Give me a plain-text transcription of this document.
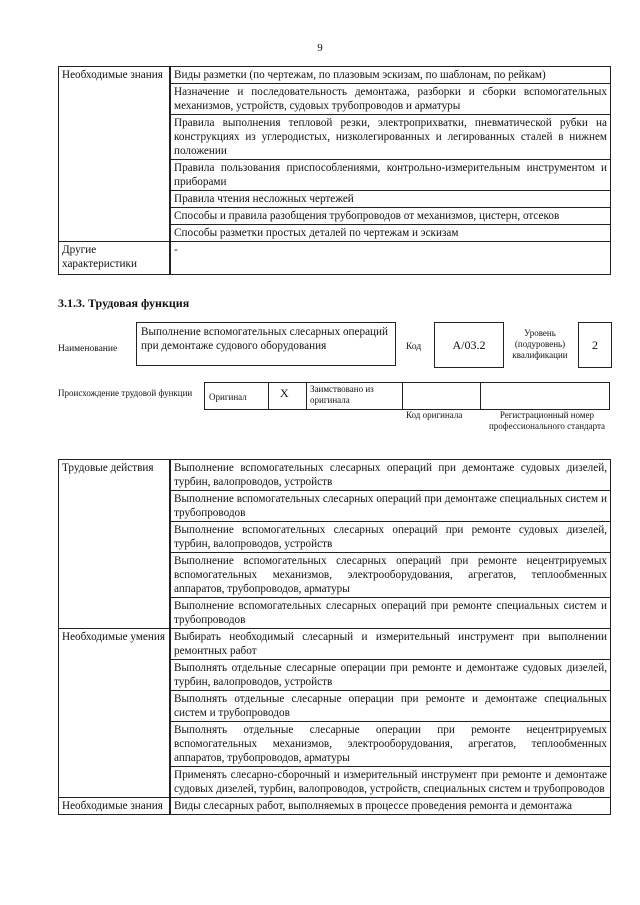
9
Необходимые знания	Виды разметки (по чертежам, по плазовым эскизам, по шаблонам, по рейкам)
	Назначение и последовательность демонтажа, разборки и сборки вспомогательных механизмов, устройств, судовых трубопроводов и арматуры
	Правила выполнения тепловой резки, электроприхватки, пневматической рубки на конструкциях из углеродистых, низколегированных и легированных сталей в нижнем положении
	Правила пользования приспособлениями, контрольно-измерительным инструментом и приборами
	Правила чтения несложных чертежей
	Способы и правила разобщения трубопроводов от механизмов, цистерн, отсеков
	Способы разметки простых деталей по чертежам и эскизам
Другие характеристики	-
3.1.3. Трудовая функция
Наименование
Выполнение вспомогательных слесарных операций при демонтаже судового оборудования	Код	A/03.2
Уровень (подуровень) квалификации
2
Происхождение трудовой функции	Оригинал	X Заимствовано из оригинала
Код оригинала	Регистрационный номер профессионального стандарта
Трудовые действия	Выполнение вспомогательных слесарных операций при демонтаже судовых дизелей, турбин, валопроводов, устройств
	Выполнение вспомогательных слесарных операций при демонтаже специальных систем и трубопроводов
	Выполнение вспомогательных слесарных операций при ремонте судовых дизелей, турбин, валопроводов, устройств
	Выполнение вспомогательных слесарных операций при ремонте нецентрируемых вспомогательных механизмов, электрооборудования, агрегатов, теплообменных аппаратов, трубопроводов, арматуры
	Выполнение вспомогательных слесарных операций при ремонте специальных систем и трубопроводов
Необходимые умения	Выбирать необходимый слесарный и измерительный инструмент при выполнении ремонтных работ
	Выполнять отдельные слесарные операции при ремонте и демонтаже судовых дизелей, турбин, валопроводов, устройств
	Выполнять отдельные слесарные операции при ремонте и демонтаже специальных систем и трубопроводов
	Выполнять отдельные слесарные операции при ремонте нецентрируемых вспомогательных механизмов, электрооборудования, агрегатов, теплообменных аппаратов, трубопроводов, арматуры
	Применять слесарно-сборочный и измерительный инструмент при ремонте и демонтаже судовых дизелей, турбин, валопроводов, устройств, специальных систем и трубопроводов
Необходимые знания	Виды слесарных работ, выполняемых в процессе проведения ремонта и демонтажа
